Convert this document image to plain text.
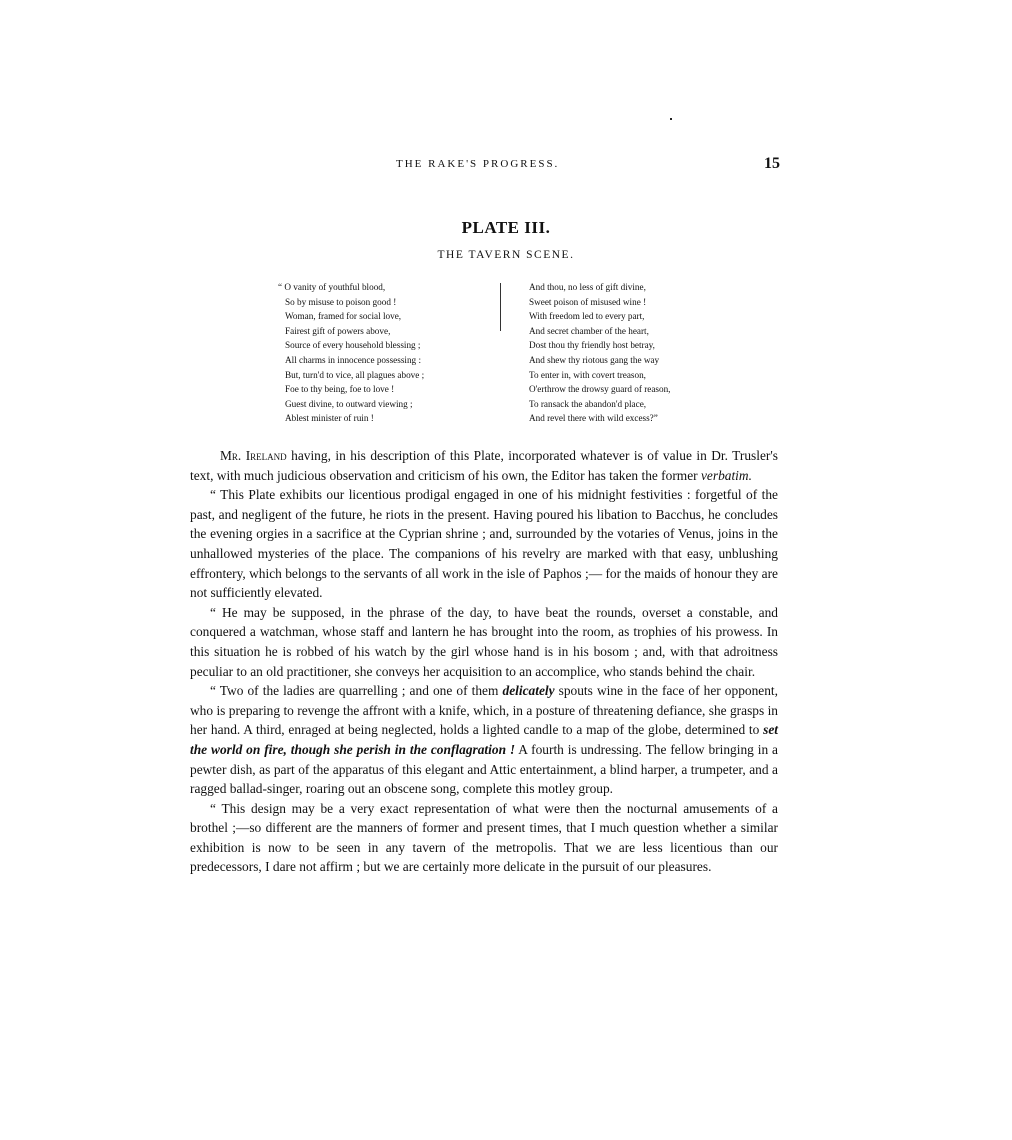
THE RAKE'S PROGRESS.	15
PLATE III.
THE TAVERN SCENE.
“ O vanity of youthful blood,
So by misuse to poison good !
Woman, framed for social love,
Fairest gift of powers above,
Source of every household blessing ;
All charms in innocence possessing :
But, turn'd to vice, all plagues above ;
Foe to thy being, foe to love !
Guest divine, to outward viewing ;
Ablest minister of ruin !
And thou, no less of gift divine,
Sweet poison of misused wine !
With freedom led to every part,
And secret chamber of the heart,
Dost thou thy friendly host betray,
And shew thy riotous gang the way
To enter in, with covert treason,
O'erthrow the drowsy guard of reason,
To ransack the abandon'd place,
And revel there with wild excess?”

Mr. Ireland having, in his description of this Plate, incorporated whatever is of value in Dr. Trusler's text, with much judicious observation and criticism of his own, the Editor has taken the former verbatim.

“ This Plate exhibits our licentious prodigal engaged in one of his midnight festivities : forgetful of the past, and negligent of the future, he riots in the present. Having poured his libation to Bacchus, he concludes the evening orgies in a sacrifice at the Cyprian shrine ; and, surrounded by the votaries of Venus, joins in the unhallowed mysteries of the place. The companions of his revelry are marked with that easy, unblushing effrontery, which belongs to the servants of all work in the isle of Paphos ;— for the maids of honour they are not sufficiently elevated.

“ He may be supposed, in the phrase of the day, to have beat the rounds, overset a constable, and conquered a watchman, whose staff and lantern he has brought into the room, as trophies of his prowess. In this situation he is robbed of his watch by the girl whose hand is in his bosom ; and, with that adroitness peculiar to an old practitioner, she conveys her acquisition to an accomplice, who stands behind the chair.

“ Two of the ladies are quarrelling ; and one of them delicately spouts wine in the face of her opponent, who is preparing to revenge the affront with a knife, which, in a posture of threatening defiance, she grasps in her hand. A third, enraged at being neglected, holds a lighted candle to a map of the globe, determined to set the world on fire, though she perish in the conflagration ! A fourth is undressing. The fellow bringing in a pewter dish, as part of the apparatus of this elegant and Attic entertainment, a blind harper, a trumpeter, and a ragged ballad-singer, roaring out an obscene song, complete this motley group.

“ This design may be a very exact representation of what were then the nocturnal amusements of a brothel ;—so different are the manners of former and present times, that I much question whether a similar exhibition is now to be seen in any tavern of the metropolis. That we are less licentious than our predecessors, I dare not affirm ; but we are certainly more delicate in the pursuit of our pleasures.
